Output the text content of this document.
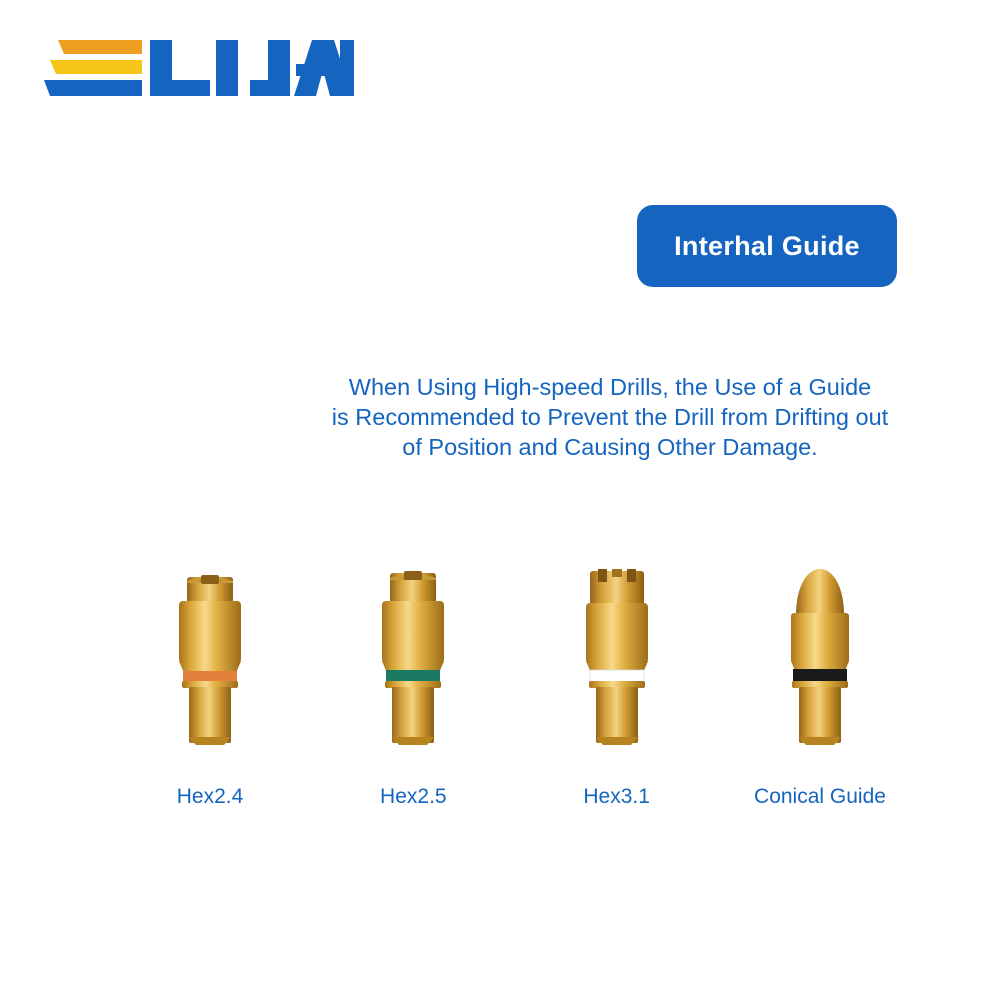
®
Interhal Guide
When Using High-speed Drills, the Use of a Guide
is Recommended to Prevent the Drill from Drifting out
of Position and Causing Other Damage.
Hex2.4	Hex2.5	Hex3.1	Conical Guide
